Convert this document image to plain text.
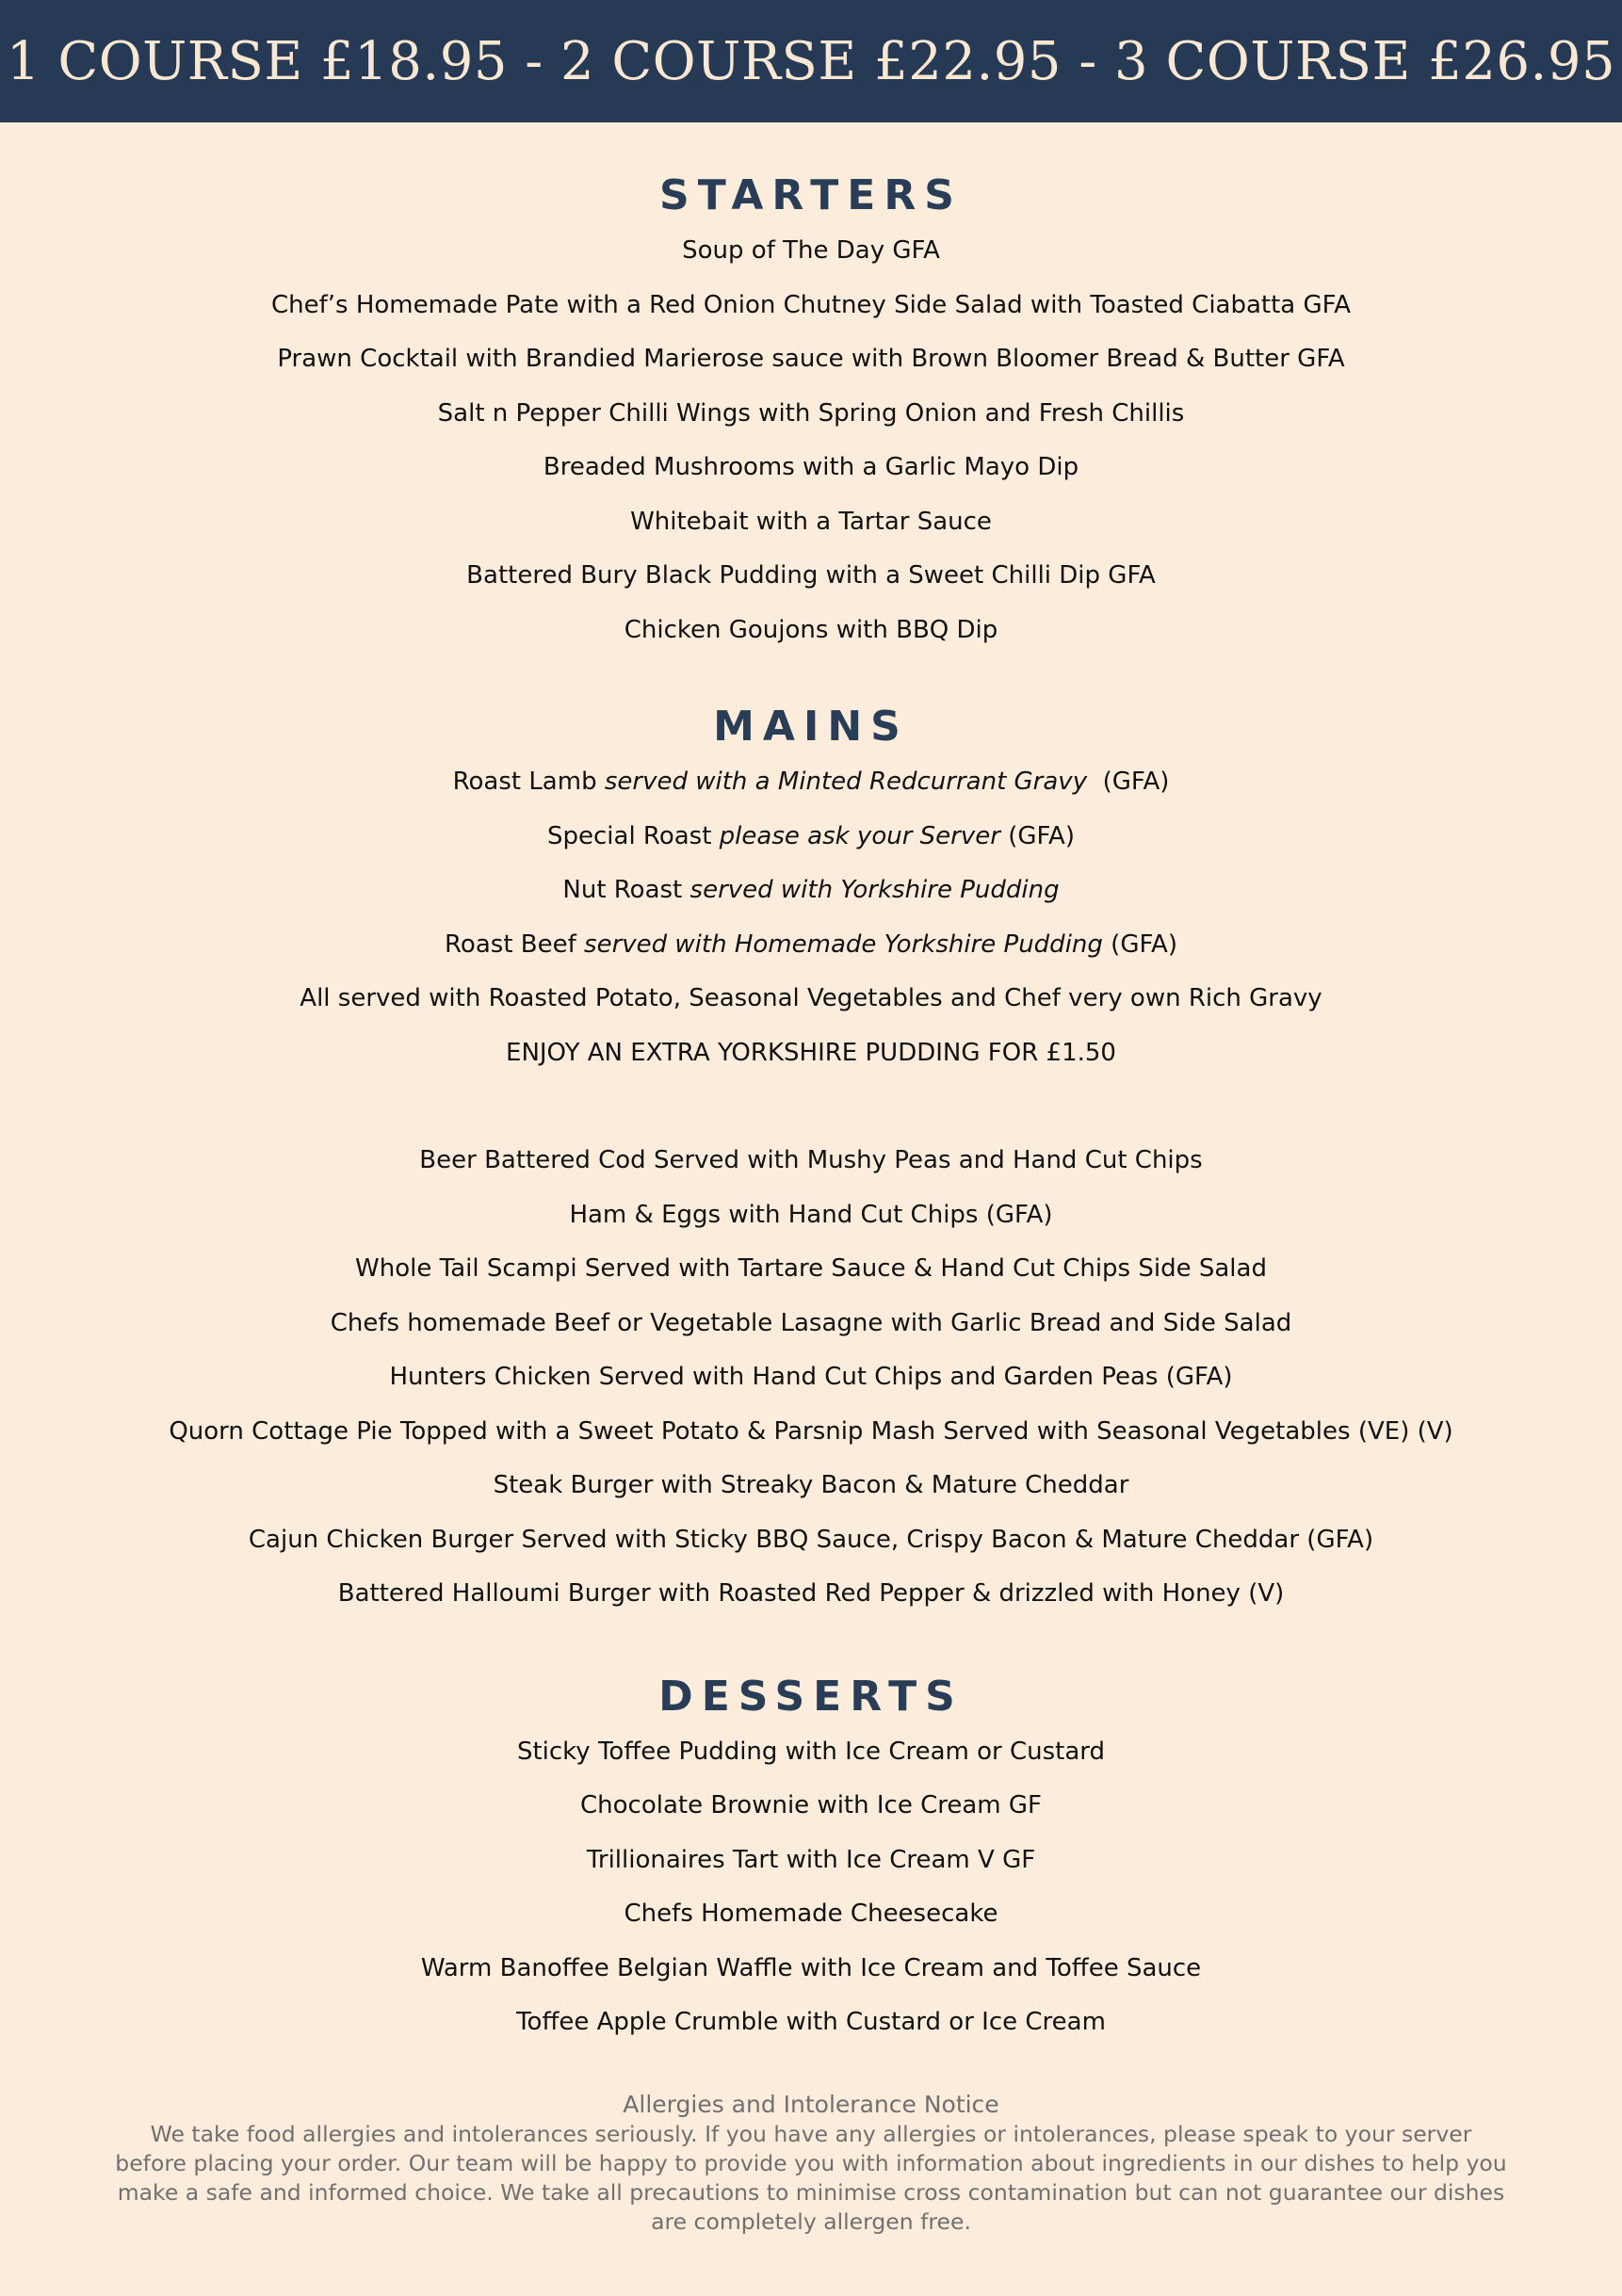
1 COURSE £18.95 - 2 COURSE £22.95 - 3 COURSE £26.95
STARTERS
Soup of The Day GFA
Chef’s Homemade Pate with a Red Onion Chutney Side Salad with Toasted Ciabatta GFA
Prawn Cocktail with Brandied Marierose sauce with Brown Bloomer Bread & Butter GFA
Salt n Pepper Chilli Wings with Spring Onion and Fresh Chillis
Breaded Mushrooms with a Garlic Mayo Dip
Whitebait with a Tartar Sauce
Battered Bury Black Pudding with a Sweet Chilli Dip GFA
Chicken Goujons with BBQ Dip
MAINS
Roast Lamb served with a Minted Redcurrant Gravy  (GFA)
Special Roast please ask your Server (GFA)
Nut Roast served with Yorkshire Pudding
Roast Beef served with Homemade Yorkshire Pudding (GFA)
All served with Roasted Potato, Seasonal Vegetables and Chef very own Rich Gravy
ENJOY AN EXTRA YORKSHIRE PUDDING FOR £1.50
Beer Battered Cod Served with Mushy Peas and Hand Cut Chips
Ham & Eggs with Hand Cut Chips (GFA)
Whole Tail Scampi Served with Tartare Sauce & Hand Cut Chips Side Salad
Chefs homemade Beef or Vegetable Lasagne with Garlic Bread and Side Salad
Hunters Chicken Served with Hand Cut Chips and Garden Peas (GFA)
Quorn Cottage Pie Topped with a Sweet Potato & Parsnip Mash Served with Seasonal Vegetables (VE) (V)
Steak Burger with Streaky Bacon & Mature Cheddar
Cajun Chicken Burger Served with Sticky BBQ Sauce, Crispy Bacon & Mature Cheddar (GFA)
Battered Halloumi Burger with Roasted Red Pepper & drizzled with Honey (V)
DESSERTS
Sticky Toffee Pudding with Ice Cream or Custard
Chocolate Brownie with Ice Cream GF
Trillionaires Tart with Ice Cream V GF
Chefs Homemade Cheesecake
Warm Banoffee Belgian Waffle with Ice Cream and Toffee Sauce
Toffee Apple Crumble with Custard or Ice Cream
Allergies and Intolerance Notice
We take food allergies and intolerances seriously. If you have any allergies or intolerances, please speak to your server before placing your order. Our team will be happy to provide you with information about ingredients in our dishes to help you make a safe and informed choice. We take all precautions to minimise cross contamination but can not guarantee our dishes are completely allergen free.
